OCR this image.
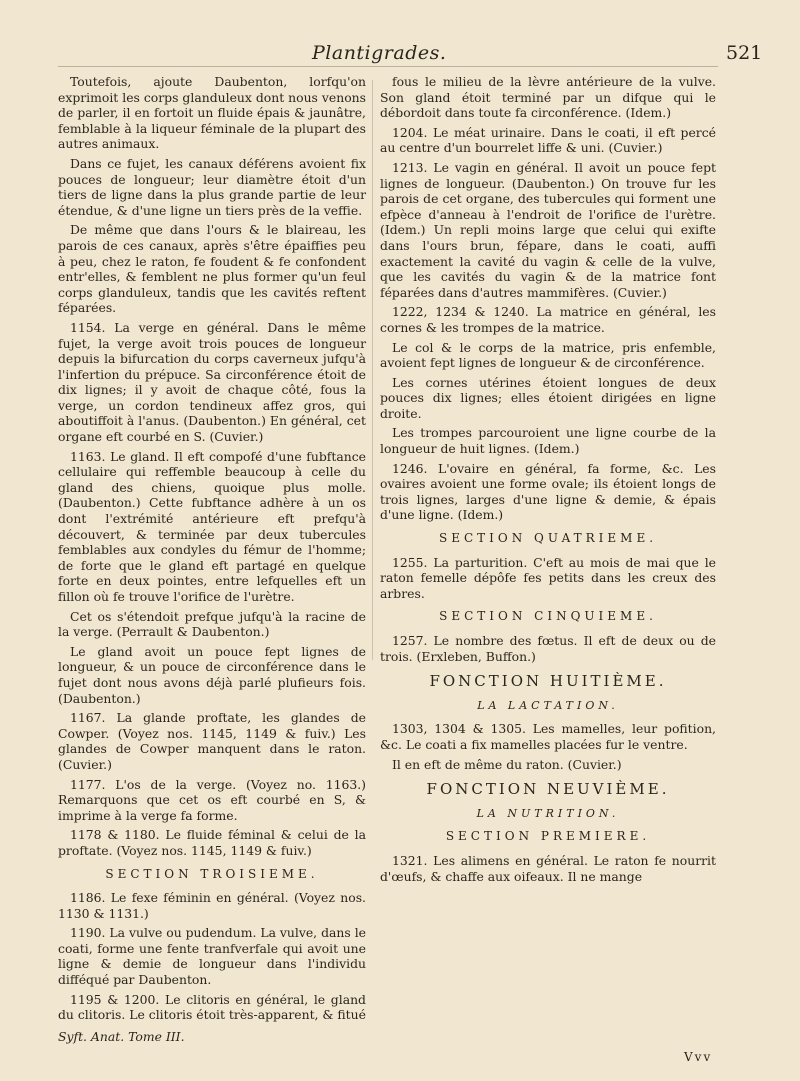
Plantigrades.	521

Toutefois, ajoute Daubenton, lorfqu'on exprimoit les corps glanduleux dont nous venons de parler, il en fortoit un fluide épais & jaunâtre, femblable à la liqueur féminale de la plupart des autres animaux.

Dans ce fujet, les canaux déférens avoient fix pouces de longueur; leur diamètre étoit d'un tiers de ligne dans la plus grande partie de leur étendue, & d'une ligne un tiers près de la veffie.

De même que dans l'ours & le blaireau, les parois de ces canaux, après s'être épaiffies peu à peu, chez le raton, fe foudent & fe confondent entr'elles, & femblent ne plus former qu'un feul corps glanduleux, tandis que les cavités reftent féparées.

1154. La verge en général. Dans le même fujet, la verge avoit trois pouces de longueur depuis la bifurcation du corps caverneux jufqu'à l'infertion du prépuce. Sa circonférence étoit de dix lignes; il y avoit de chaque côté, fous la verge, un cordon tendineux affez gros, qui aboutiffoit à l'anus. (Daubenton.) En général, cet organe eft courbé en S. (Cuvier.)

1163. Le gland. Il eft compofé d'une fubftance cellulaire qui reffemble beaucoup à celle du gland des chiens, quoique plus molle. (Daubenton.) Cette fubftance adhère à un os dont l'extrémité antérieure eft prefqu'à découvert, & terminée par deux tubercules femblables aux condyles du fémur de l'homme; de forte que le gland eft partagé en quelque forte en deux pointes, entre lefquelles eft un fillon où fe trouve l'orifice de l'urètre.

Cet os s'étendoit prefque jufqu'à la racine de la verge. (Perrault & Daubenton.)

Le gland avoit un pouce fept lignes de longueur, & un pouce de circonférence dans le fujet dont nous avons déjà parlé plufieurs fois. (Daubenton.)

1167. La glande proftate, les glandes de Cowper. (Voyez nos. 1145, 1149 & fuiv.) Les glandes de Cowper manquent dans le raton. (Cuvier.)

1177. L'os de la verge. (Voyez no. 1163.) Remarquons que cet os eft courbé en S, & imprime à la verge fa forme.

1178 & 1180. Le fluide féminal & celui de la proftate. (Voyez nos. 1145, 1149 & fuiv.)

SECTION TROISIEME.

1186. Le fexe féminin en général. (Voyez nos. 1130 & 1131.)

1190. La vulve ou pudendum. La vulve, dans le coati, forme une fente tranfverfale qui avoit une ligne & demie de longueur dans l'individu difféqué par Daubenton.

1195 & 1200. Le clitoris en général, le gland du clitoris. Le clitoris étoit très-apparent, & fitué

Syft. Anat. Tome III.

fous le milieu de la lèvre antérieure de la vulve. Son gland étoit terminé par un difque qui le débordoit dans toute fa circonférence. (Idem.)

1204. Le méat urinaire. Dans le coati, il eft percé au centre d'un bourrelet liffe & uni. (Cuvier.)

1213. Le vagin en général. Il avoit un pouce fept lignes de longueur. (Daubenton.) On trouve fur les parois de cet organe, des tubercules qui forment une efpèce d'anneau à l'endroit de l'orifice de l'urètre. (Idem.) Un repli moins large que celui qui exifte dans l'ours brun, fépare, dans le coati, auffi exactement la cavité du vagin & celle de la vulve, que les cavités du vagin & de la matrice font féparées dans d'autres mammifères. (Cuvier.)

1222, 1234 & 1240. La matrice en général, les cornes & les trompes de la matrice.

Le col & le corps de la matrice, pris enfemble, avoient fept lignes de longueur & de circonférence.

Les cornes utérines étoient longues de deux pouces dix lignes; elles étoient dirigées en ligne droite.

Les trompes parcouroient une ligne courbe de la longueur de huit lignes. (Idem.)

1246. L'ovaire en général, fa forme, &c. Les ovaires avoient une forme ovale; ils étoient longs de trois lignes, larges d'une ligne & demie, & épais d'une ligne. (Idem.)

SECTION QUATRIEME.

1255. La parturition. C'eft au mois de mai que le raton femelle dépôfe fes petits dans les creux des arbres.

SECTION CINQUIEME.

1257. Le nombre des fœtus. Il eft de deux ou de trois. (Erxleben, Buffon.)

FONCTION HUITIÈME.

LA LACTATION.

1303, 1304 & 1305. Les mamelles, leur pofition, &c. Le coati a fix mamelles placées fur le ventre.

Il en eft de même du raton. (Cuvier.)

FONCTION NEUVIÈME.

LA NUTRITION.

SECTION PREMIERE.

1321. Les alimens en général. Le raton fe nourrit d'œufs, & chaffe aux oifeaux. Il ne mange

Vvv
